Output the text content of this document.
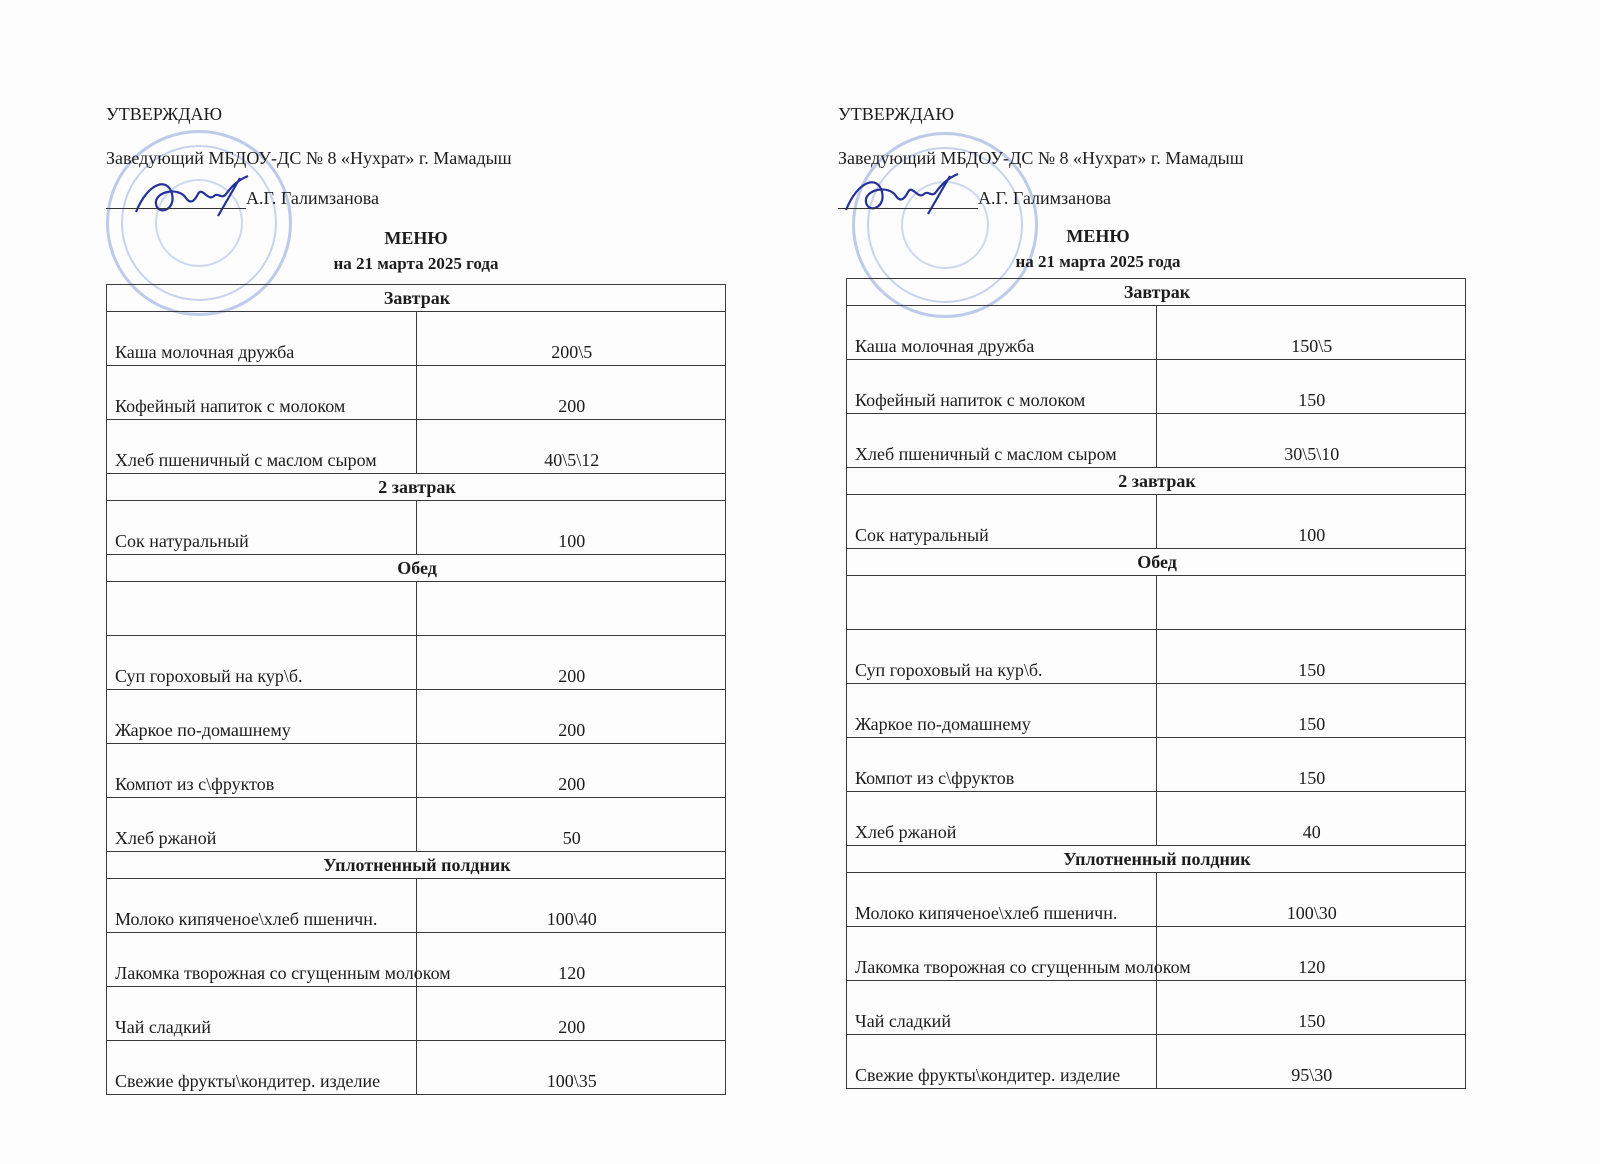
УТВЕРЖДАЮ
Заведующий МБДОУ-ДС № 8 «Нухрат» г. Мамадыш
А.Г. Галимзанова
МЕНЮ
на 21 марта 2025 года
Завтрак	
Каша молочная дружба	200\5
Кофейный напиток с молоком	200
Хлеб пшеничный с маслом сыром	40\5\12
2 завтрак	
Сок натуральный	100
Обед	

Суп гороховый на кур\б.	200
Жаркое по-домашнему	200
Компот из с\фруктов	200
Хлеб ржаной	50
Уплотненный полдник	
Молоко кипяченое\хлеб пшеничн.	100\40
Лакомка творожная со сгущенным молоком	120
Чай сладкий	200
Свежие фрукты\кондитер. изделие	100\35
УТВЕРЖДАЮ
Заведующий МБДОУ-ДС № 8 «Нухрат» г. Мамадыш
А.Г. Галимзанова
МЕНЮ
на 21 марта 2025 года
Завтрак	
Каша молочная дружба	150\5
Кофейный напиток с молоком	150
Хлеб пшеничный с маслом сыром	30\5\10
2 завтрак	
Сок натуральный	100
Обед	

Суп гороховый на кур\б.	150
Жаркое по-домашнему	150
Компот из с\фруктов	150
Хлеб ржаной	40
Уплотненный полдник	
Молоко кипяченое\хлеб пшеничн.	100\30
Лакомка творожная со сгущенным молоком	120
Чай сладкий	150
Свежие фрукты\кондитер. изделие	95\30
